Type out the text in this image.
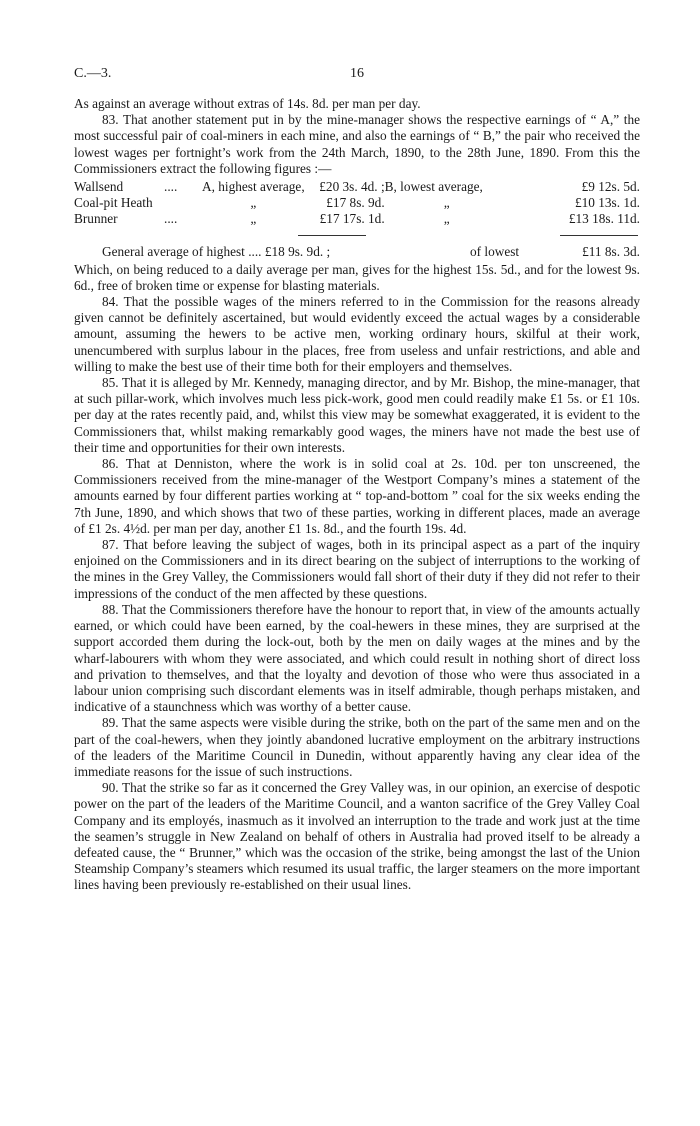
C.—3.	16

As against an average without extras of 14s. 8d. per man per day.

83. That another statement put in by the mine-manager shows the respective earnings of “ A,” the most successful pair of coal-miners in each mine, and also the earnings of “ B,” the pair who received the lowest wages per fortnight’s work from the 24th March, 1890, to the 28th June, 1890. From this the Commissioners extract the following figures :—

Wallsend	....	A, highest average,	£20 3s. 4d. ;	B, lowest average,	£9 12s. 5d.
Coal-pit Heath		„	£17 8s. 9d.	„	£10 13s. 1d.
Brunner	....	„	£17 17s. 1d.	„	£13 18s. 11d.
General average of highest .... £18 9s. 9d. ;	of lowest	£11 8s. 3d.

Which, on being reduced to a daily average per man, gives for the highest 15s. 5d., and for the lowest 9s. 6d., free of broken time or expense for blasting materials.

84. That the possible wages of the miners referred to in the Commission for the reasons already given cannot be definitely ascertained, but would evidently exceed the actual wages by a considerable amount, assuming the hewers to be active men, working ordinary hours, skilful at their work, unencumbered with surplus labour in the places, free from useless and unfair restrictions, and able and willing to make the best use of their time both for their employers and themselves.

85. That it is alleged by Mr. Kennedy, managing director, and by Mr. Bishop, the mine-manager, that at such pillar-work, which involves much less pick-work, good men could readily make £1 5s. or £1 10s. per day at the rates recently paid, and, whilst this view may be somewhat exaggerated, it is evident to the Commissioners that, whilst making remarkably good wages, the miners have not made the best use of their time and opportunities for their own interests.

86. That at Denniston, where the work is in solid coal at 2s. 10d. per ton unscreened, the Commissioners received from the mine-manager of the Westport Company’s mines a statement of the amounts earned by four different parties working at “ top-and-bottom ” coal for the six weeks ending the 7th June, 1890, and which shows that two of these parties, working in different places, made an average of £1 2s. 4½d. per man per day, another £1 1s. 8d., and the fourth 19s. 4d.

87. That before leaving the subject of wages, both in its principal aspect as a part of the inquiry enjoined on the Commissioners and in its direct bearing on the subject of interruptions to the working of the mines in the Grey Valley, the Commissioners would fall short of their duty if they did not refer to their impressions of the conduct of the men affected by these questions.

88. That the Commissioners therefore have the honour to report that, in view of the amounts actually earned, or which could have been earned, by the coal-hewers in these mines, they are surprised at the support accorded them during the lock-out, both by the men on daily wages at the mines and by the wharf-labourers with whom they were associated, and which could result in nothing short of direct loss and privation to themselves, and that the loyalty and devotion of those who were thus associated in a labour union comprising such discordant elements was in itself admirable, though perhaps mistaken, and indicative of a staunchness which was worthy of a better cause.

89. That the same aspects were visible during the strike, both on the part of the same men and on the part of the coal-hewers, when they jointly abandoned lucrative employment on the arbitrary instructions of the leaders of the Maritime Council in Dunedin, without apparently having any clear idea of the immediate reasons for the issue of such instructions.

90. That the strike so far as it concerned the Grey Valley was, in our opinion, an exercise of despotic power on the part of the leaders of the Maritime Council, and a wanton sacrifice of the Grey Valley Coal Company and its employés, inasmuch as it involved an interruption to the trade and work just at the time the seamen’s struggle in New Zealand on behalf of others in Australia had proved itself to be already a defeated cause, the “ Brunner,” which was the occasion of the strike, being amongst the last of the Union Steamship Company’s steamers which resumed its usual traffic, the larger steamers on the more important lines having been previously re-established on their usual lines.
